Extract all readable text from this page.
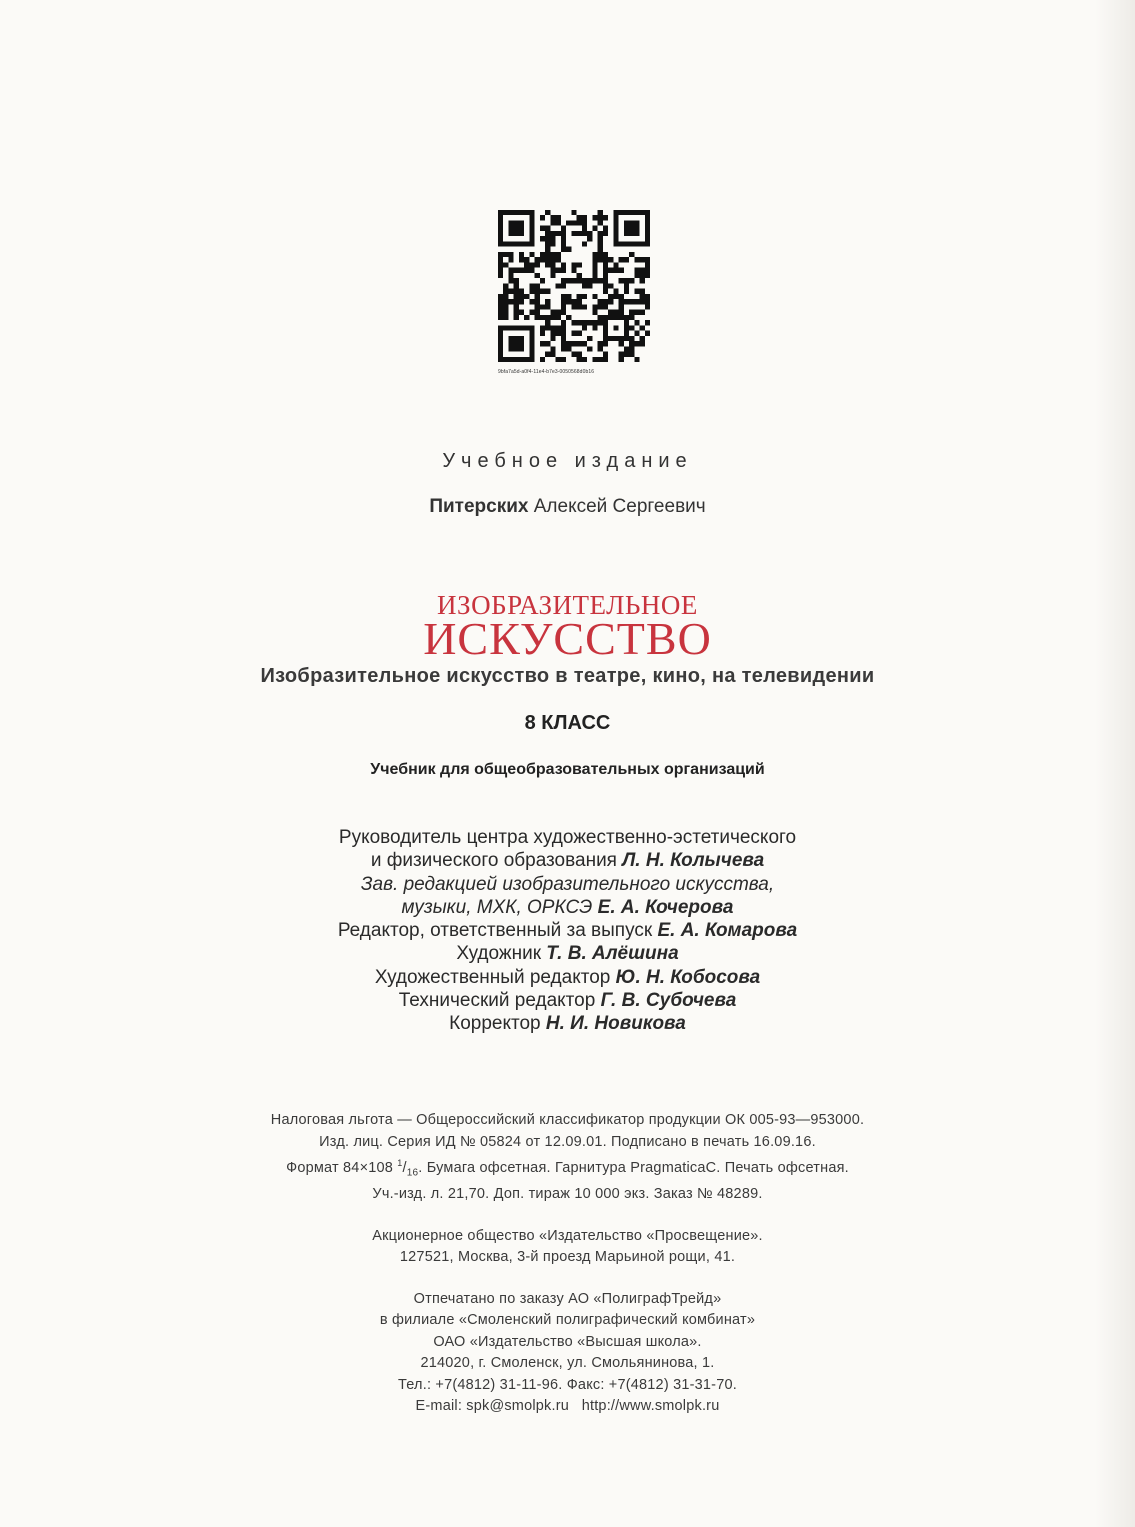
9bfa7a5d-a0f4-11e4-b7e3-0050568d0b16
Учебное издание
Питерских Алексей Сергеевич
ИЗОБРАЗИТЕЛЬНОЕ
ИСКУССТВО
Изобразительное искусство в театре, кино, на телевидении
8 КЛАСС
Учебник для общеобразовательных организаций
Руководитель центра художественно-эстетического
и физического образования Л. Н. Колычева
Зав. редакцией изобразительного искусства,
музыки, МХК, ОРКСЭ Е. А. Кочерова
Редактор, ответственный за выпуск Е. А. Комарова
Художник Т. В. Алёшина
Художественный редактор Ю. Н. Кобосова
Технический редактор Г. В. Субочева
Корректор Н. И. Новикова
Налоговая льгота — Общероссийский классификатор продукции ОК 005-93—953000.
Изд. лиц. Серия ИД № 05824 от 12.09.01. Подписано в печать 16.09.16.
Формат 84×108 $^1/_{16}$. Бумага офсетная. Гарнитура PragmaticaC. Печать офсетная.
Уч.-изд. л. 21,70. Доп. тираж 10 000 экз. Заказ № 48289.
Акционерное общество «Издательство «Просвещение».
127521, Москва, 3-й проезд Марьиной рощи, 41.
Отпечатано по заказу АО «ПолиграфТрейд»
в филиале «Смоленский полиграфический комбинат»
ОАО «Издательство «Высшая школа».
214020, г. Смоленск, ул. Смольянинова, 1.
Тел.: +7(4812) 31-11-96. Факс: +7(4812) 31-31-70.
E-mail: spk@smolpk.ru http://www.smolpk.ru
